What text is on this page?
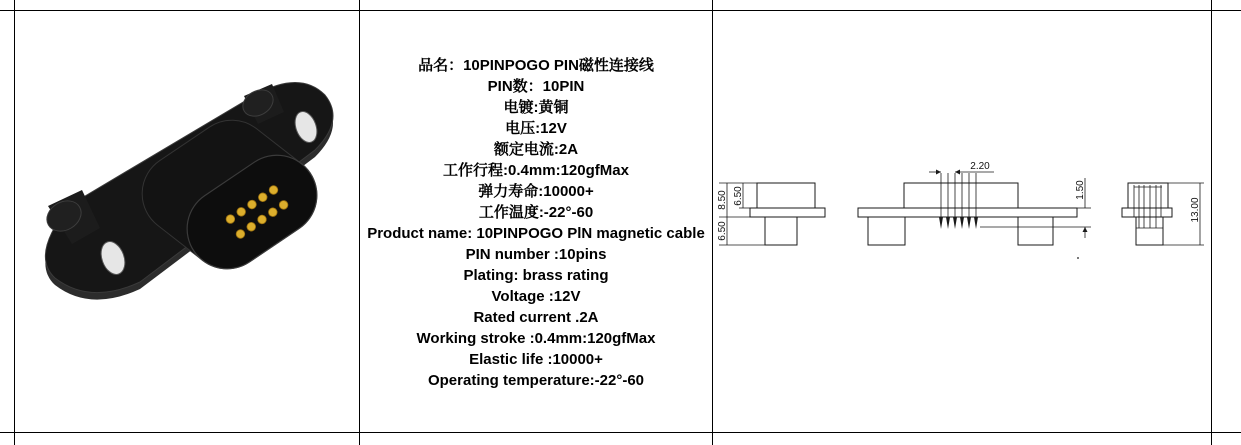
品名：10PINPOGO PIN磁性连接线
PIN数：10PIN
电镀:黄铜
电压:12V
额定电流:2A
工作行程:0.4mm:120gfMax
弹力寿命:10000+
工作温度:-22°-60
Product name: 10PINPOGO PlN magnetic cable
PIN number :10pins
Plating: brass rating
Voltage :12V
Rated current .2A
Working stroke :0.4mm:120gfMax
Elastic life :10000+
Operating temperature:-22°-60
8.50 6.50
6.50
2.20
1.50
13.00
